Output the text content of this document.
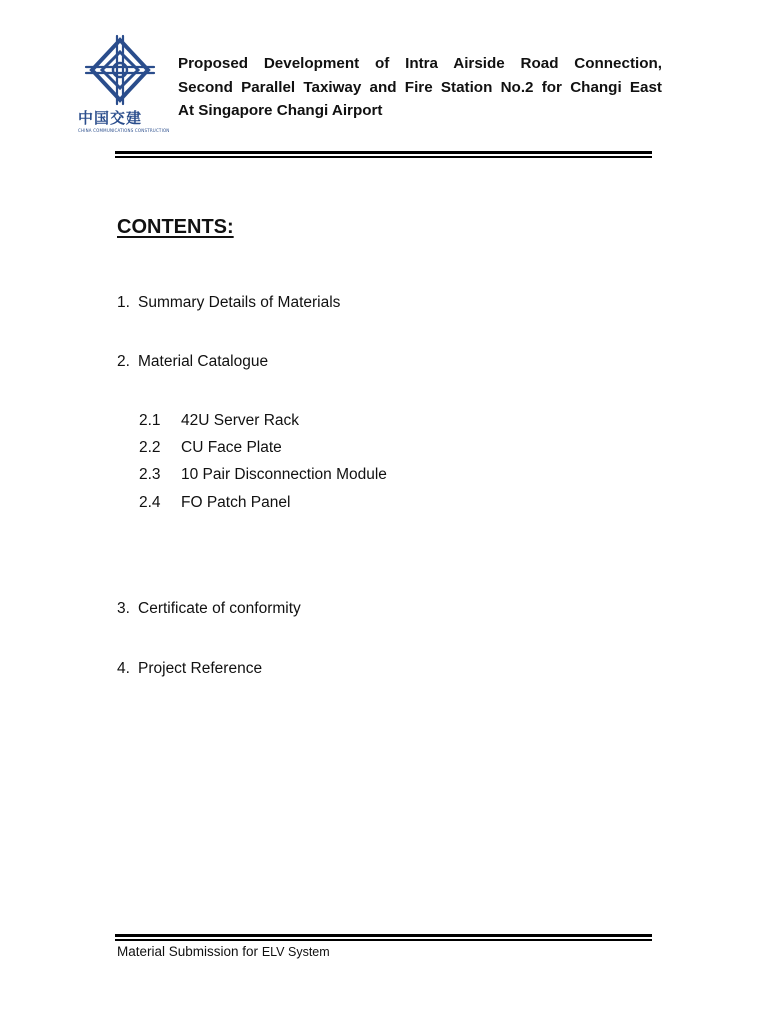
中国交建
CHINA COMMUNICATIONS CONSTRUCTION
Proposed Development of Intra Airside Road Connection,
Second Parallel Taxiway and Fire Station No.2 for Changi East
At Singapore Changi Airport
CONTENTS:
1. Summary Details of Materials
2. Material Catalogue
2.1 42U Server Rack
2.2 CU Face Plate
2.3 10 Pair Disconnection Module
2.4 FO Patch Panel
3. Certificate of conformity
4. Project Reference
Material Submission for ELV System
